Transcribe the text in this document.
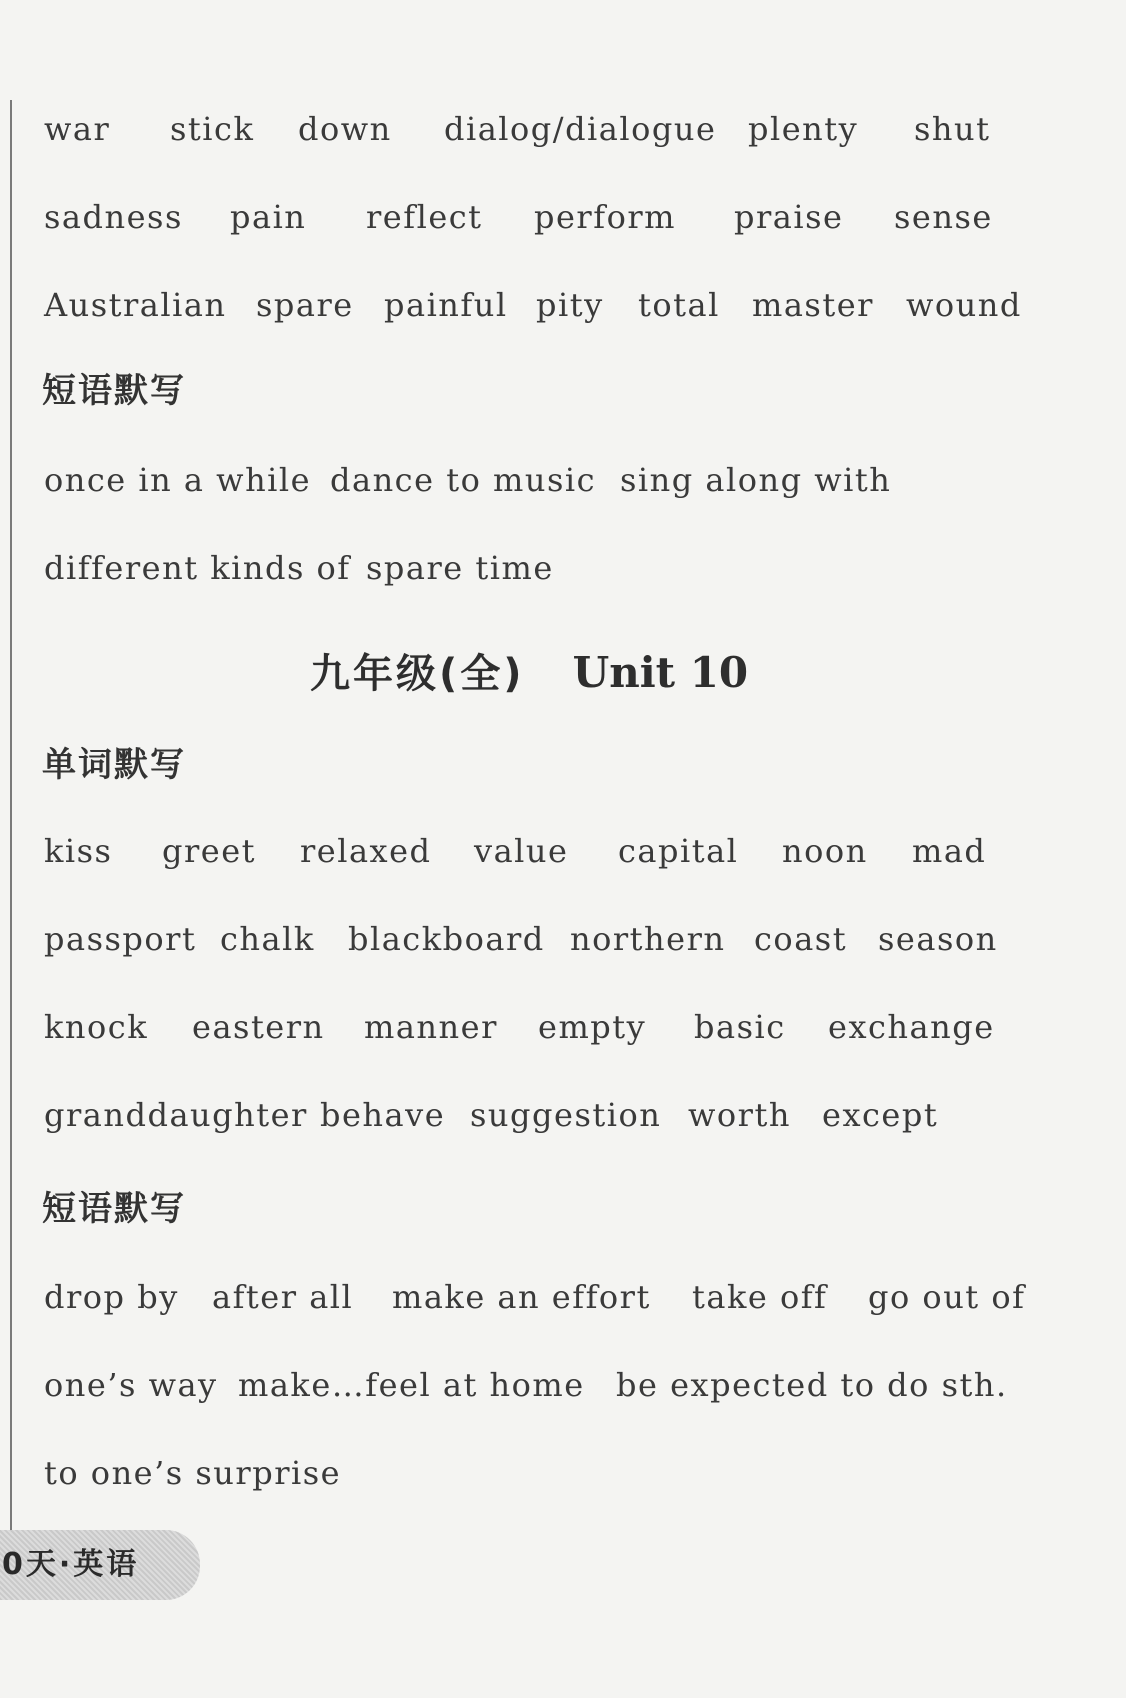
war stick down dialog/dialogue plenty shut
sadness pain reflect perform praise sense
Australian spare painful pity total master wound
短语默写
once in a while dance to music sing along with
different kinds of spare time
九年级(全) Unit 10
单词默写
kiss greet relaxed value capital noon mad
passport chalk blackboard northern coast season
knock eastern manner empty basic exchange
granddaughter behave suggestion worth except
短语默写
drop by after all make an effort take off go out of
one’s way make…feel at home be expected to do sth.
to one’s surprise
0天·英语
